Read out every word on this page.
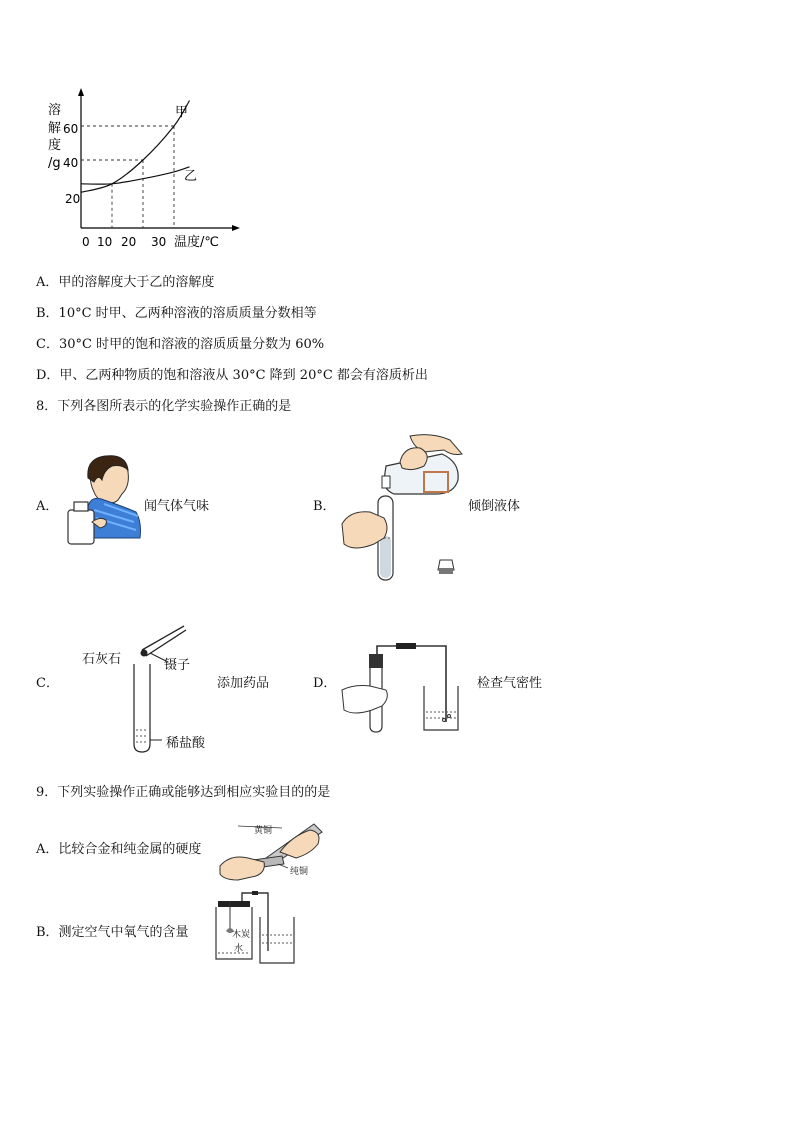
溶
解
度
/g
60
40
20
0 10 20 30 温度/℃
甲
乙
A．甲的溶解度大于乙的溶解度
B．10°C 时甲、乙两种溶液的溶质质量分数相等
C．30°C 时甲的饱和溶液的溶质质量分数为 60%
D．甲、乙两种物质的饱和溶液从 30°C 降到 20°C 都会有溶质析出
8．下列各图所表示的化学实验操作正确的是
A．	闻气体气味	B．	倾倒液体
C．
石灰石	镊子
稀盐酸
添加药品	D．	检查气密性
9．下列实验操作正确或能够达到相应实验目的的是
A．比较合金和纯金属的硬度
黄铜
纯铜
B．测定空气中氧气的含量	木炭
水
